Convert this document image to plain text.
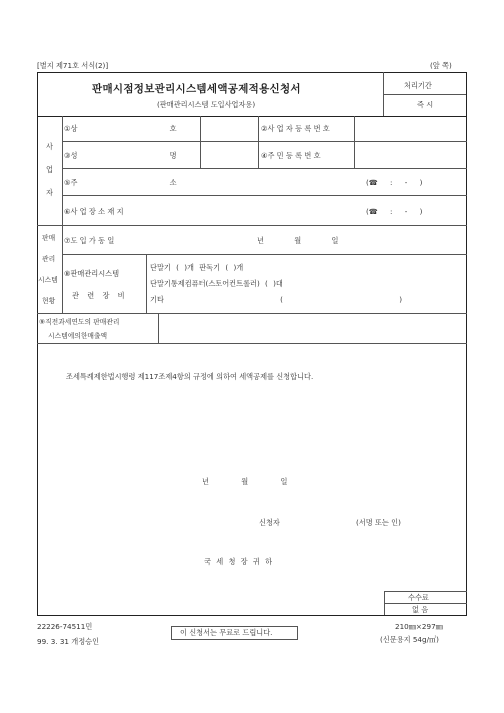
[별지 제71호 서식(2)]	(앞 쪽)
판매시점정보관리시스템세액공제적용신청서
(판매관리시스템 도입사업자용)
처리기간
즉 시
사
업
자
①상 호	②사 업 자 등 록 번 호
③성 명	④주 민 등 록 번 호
⑤주 소	(☎ : - )
⑥사 업 장 소 재 지	(☎ : - )
판매
관리
시스템
현황
⑦도 입 가 동 일	년 월 일
⑧판매관리시스템
관 련 장 비
단말기 ( )개 판독기 ( )개
단말기통제컴퓨터(스토어컨트롤러) ( )대
기타 ( )
⑨직전과세연도의 판매관리
시스템에의한매출액
조세특례제한법시행령 제117조제4항의 규정에 의하여 세액공제를 신청합니다.
년 월 일
신청자	(서명 또는 인)
국 세 청 장 귀 하
수수료
없 음
22226-74511민
99. 3. 31 개정승인
이 신청서는 무료로 드립니다.
210㎜×297㎜
(신문용지 54g/㎡)
